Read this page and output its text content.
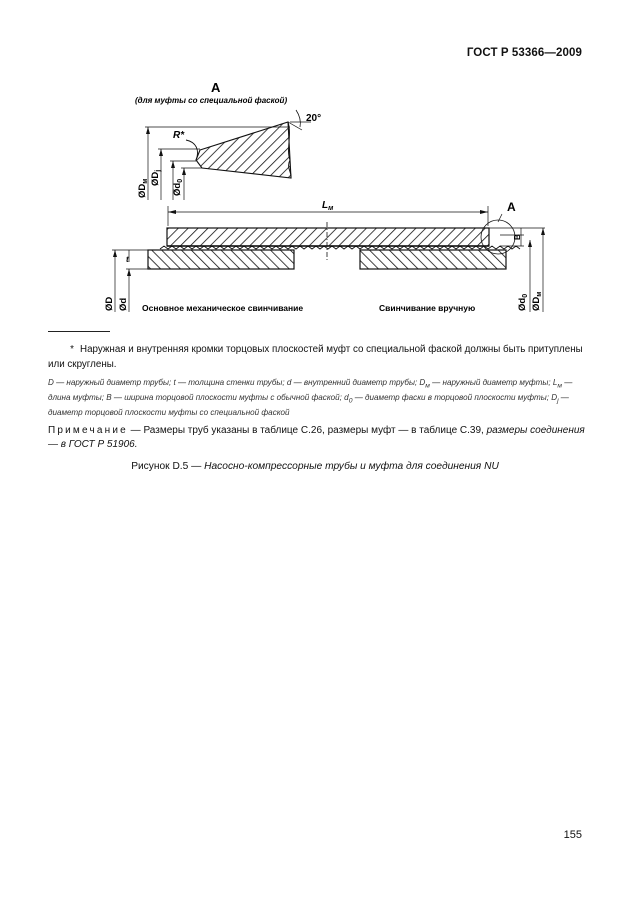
ГОСТ Р 53366—2009
A
(для муфты со специальной фаской)
R*
$ØD_м$ $ØD_j$
$Ød_0$
20°
$L_м$	A
B
$Ød_0$
$ØD_м$
t
ØD Ød Основное механическое свинчивание	Свинчивание вручную
* Наружная и внутренняя кромки торцовых плоскостей муфт со специальной фаской должны быть притуплены или скруглены.
D — наружный диаметр трубы; t — толщина стенки трубы; d — внутренний диаметр трубы; $D_м$ — наружный диаметр муфты; $L_м$ — длина муфты; B — ширина торцовой плоскости муфты с обычной фаской; $d_0$ — диаметр фаски в торцовой плоскости муфты; $D_j$ — диаметр торцовой плоскости муфты со специальной фаской
Примечание — Размеры труб указаны в таблице С.26, размеры муфт — в таблице С.39, размеры соединения — в ГОСТ Р 51906.
Рисунок D.5 — Насосно-компрессорные трубы и муфта для соединения NU
155
